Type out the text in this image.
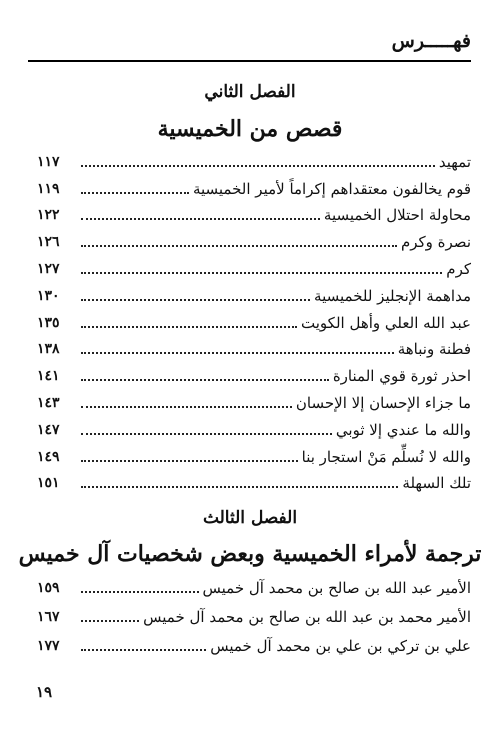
فهـــــرس
الفصل الثاني
قصص من الخميسية
١١٧	تمهيد
١١٩	قوم يخالفون معتقداهم إكراماً لأمير الخميسية
١٢٢	محاولة احتلال الخميسية
١٢٦	نصرة وكرم
١٢٧	كرم
١٣٠	مداهمة الإنجليز للخميسية
١٣٥	عبد الله العلي وأهل الكويت
١٣٨	فطنة ونباهة
١٤١	احذر ثورة قوي المنارة
١٤٣	ما جزاء الإحسان إلا الإحسان
١٤٧	والله ما عندي إلا ثوبي
١٤٩	والله لا نُسلِّم مَنْ استجار بنا
١٥١	تلك السهلة
الفصل الثالث
ترجمة لأمراء الخميسية وبعض شخصيات آل خميس
١٥٩	الأمير عبد الله بن صالح بن محمد آل خميس
١٦٧	الأمير محمد بن عبد الله بن صالح بن محمد آل خميس
١٧٧	علي بن تركي بن علي بن محمد آل خميس
١٩
